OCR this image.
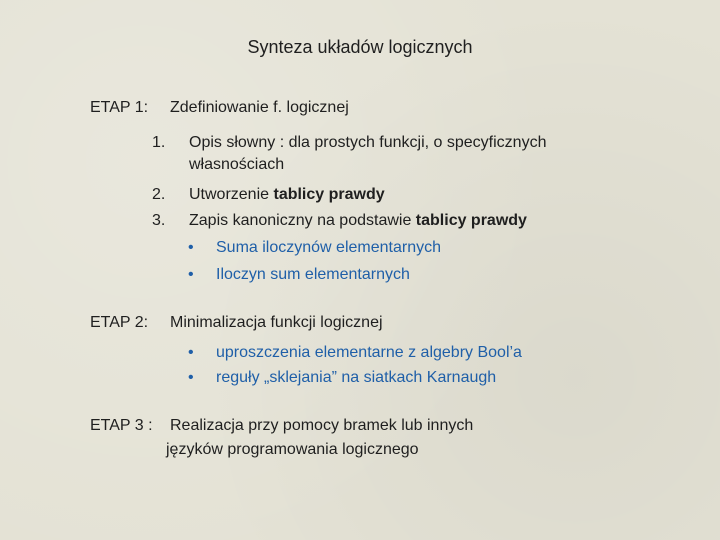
Synteza układów logicznych
ETAP 1: Zdefiniowanie f. logicznej
1. Opis słowny : dla prostych funkcji, o specyficznych
własnościach
2. Utworzenie tablicy prawdy
3. Zapis kanoniczny na podstawie tablicy prawdy
• Suma iloczynów elementarnych
• Iloczyn sum elementarnych
ETAP 2: Minimalizacja funkcji logicznej
• uproszczenia elementarne z algebry Bool’a
• reguły „sklejania” na siatkach Karnaugh
ETAP 3 : Realizacja przy pomocy bramek lub innych
języków programowania logicznego
